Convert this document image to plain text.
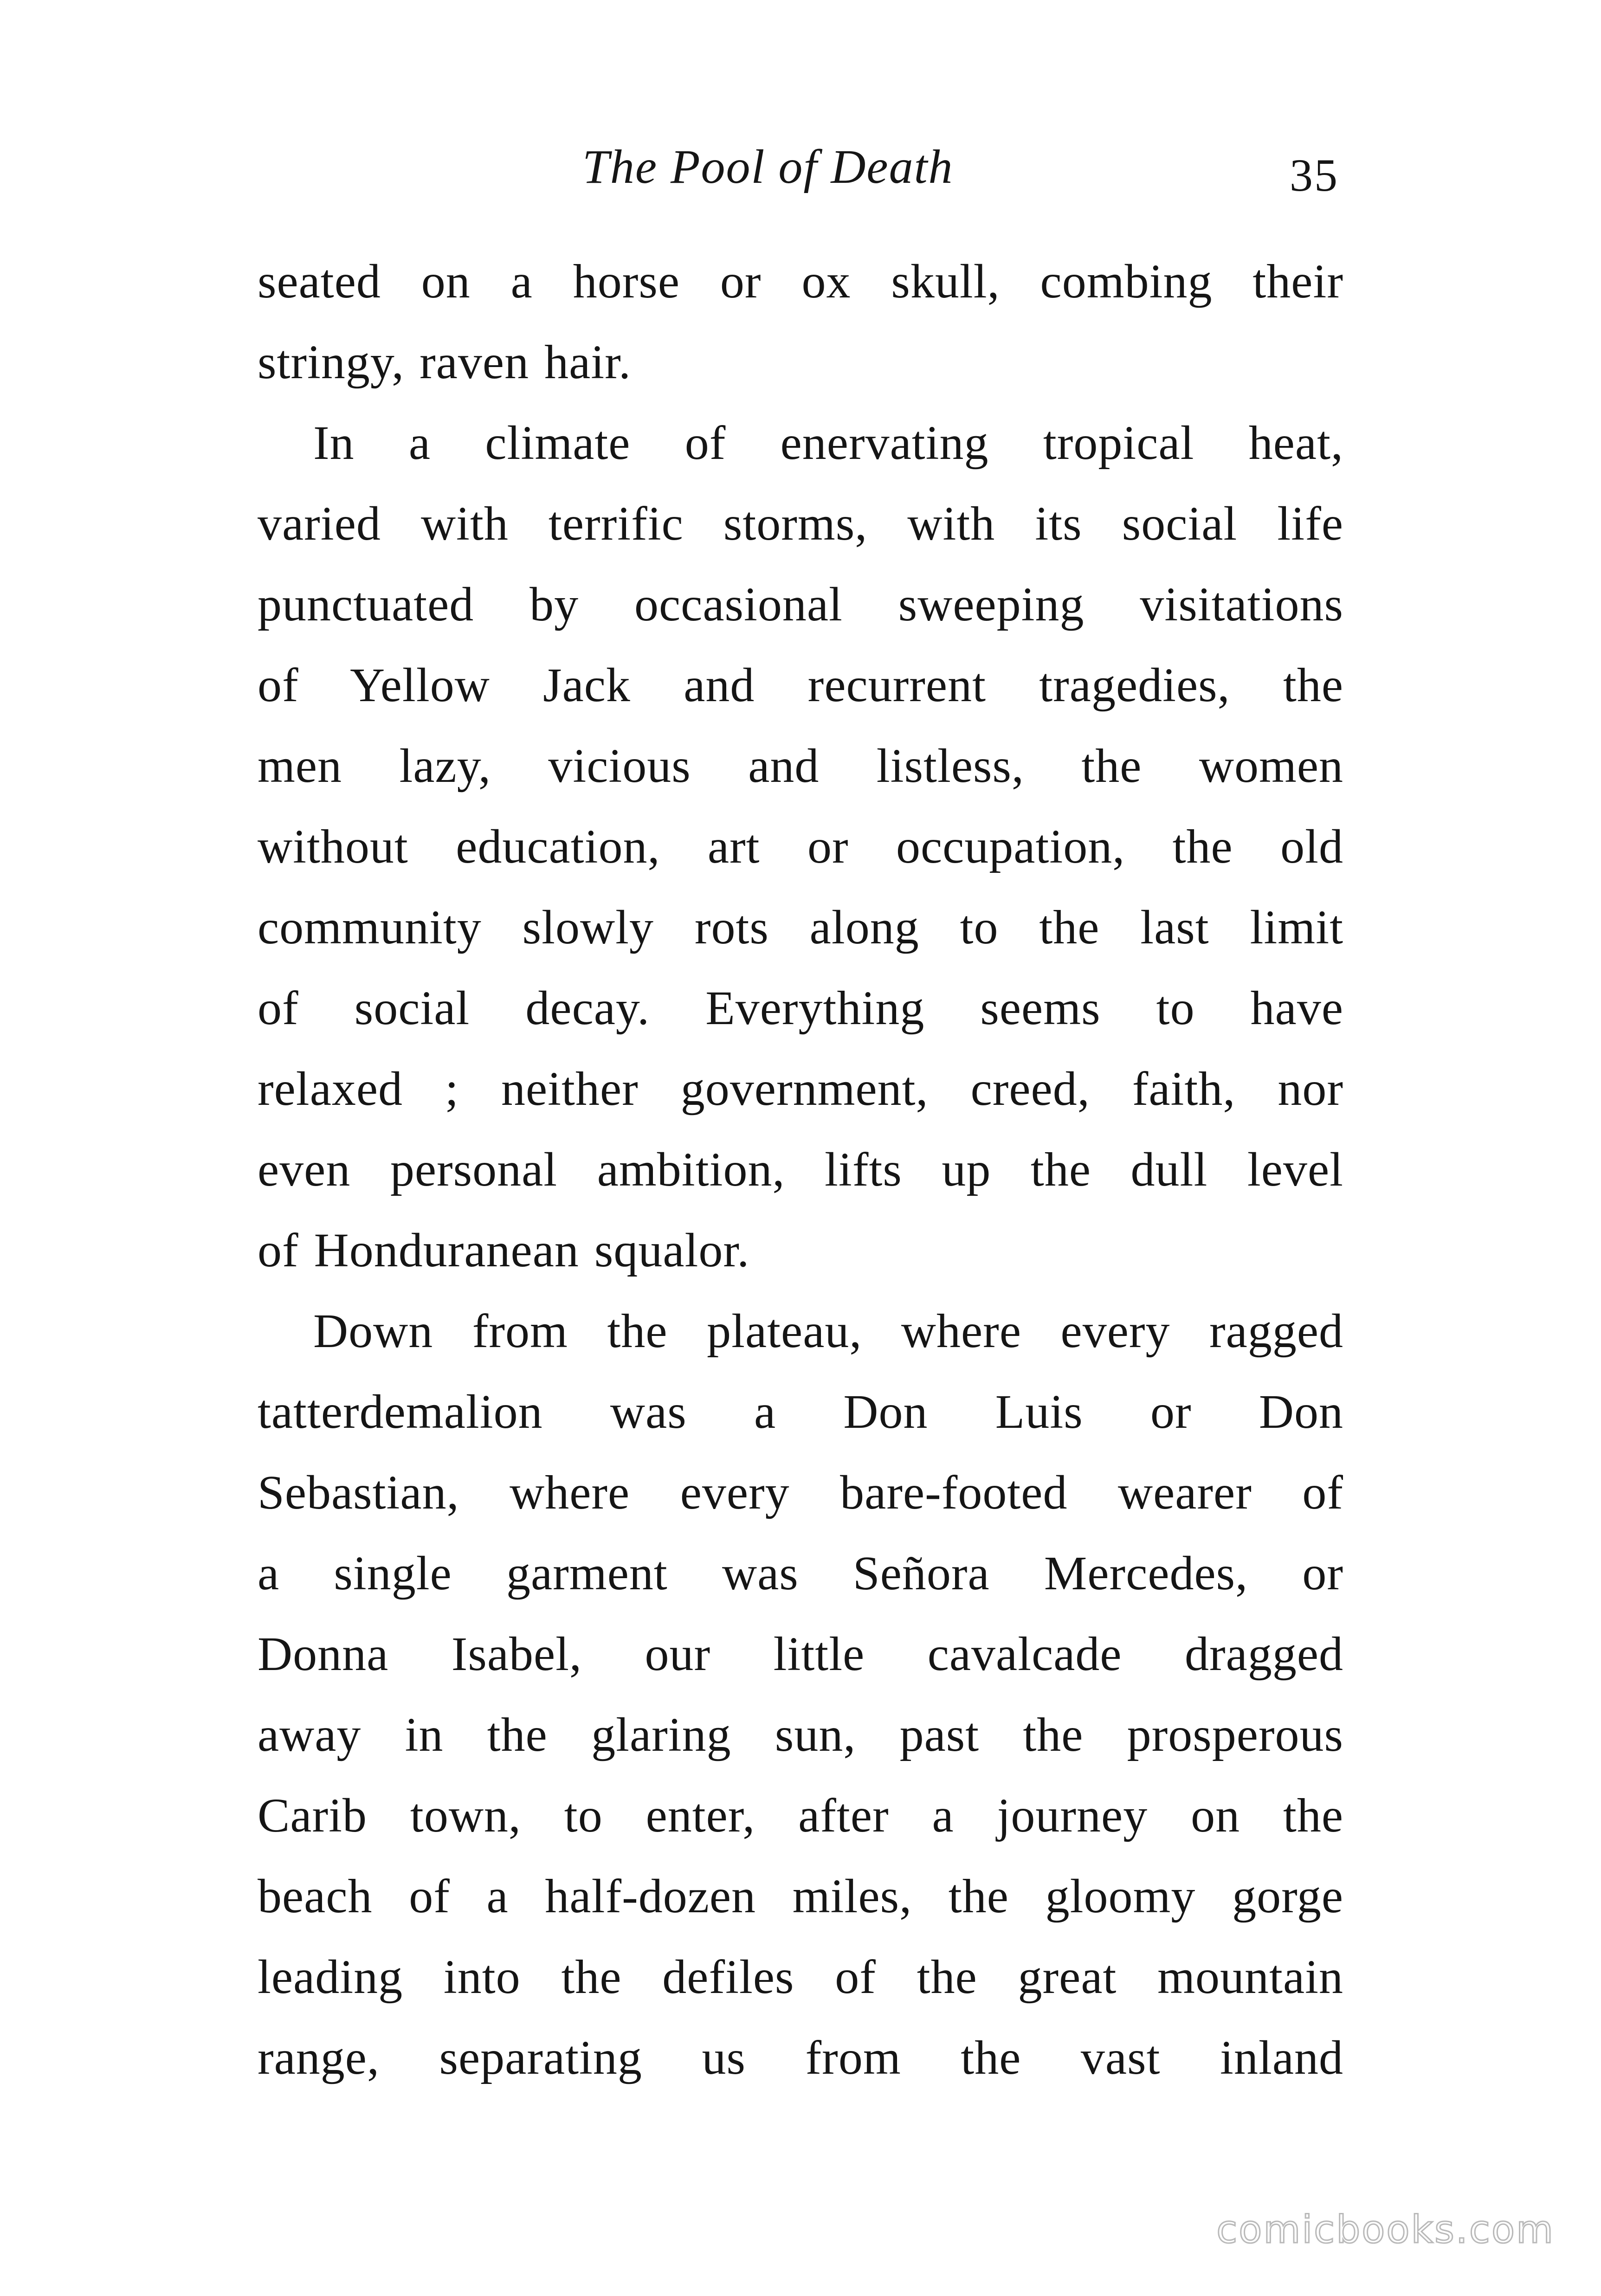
The Pool of Death	35
seated on a horse or ox skull, combing their
stringy, raven hair.
In a climate of enervating tropical heat,
varied with terrific storms, with its social life
punctuated by occasional sweeping visitations
of Yellow Jack and recurrent tragedies, the
men lazy, vicious and listless, the women
without education, art or occupation, the old
community slowly rots along to the last limit
of social decay. Everything seems to have
relaxed ; neither government, creed, faith, nor
even personal ambition, lifts up the dull level
of Honduranean squalor.
Down from the plateau, where every ragged
tatterdemalion was a Don Luis or Don
Sebastian, where every bare-footed wearer of
a single garment was Señora Mercedes, or
Donna Isabel, our little cavalcade dragged
away in the glaring sun, past the prosperous
Carib town, to enter, after a journey on the
beach of a half-dozen miles, the gloomy gorge
leading into the defiles of the great mountain
range, separating us from the vast inland
comicbooks.com
